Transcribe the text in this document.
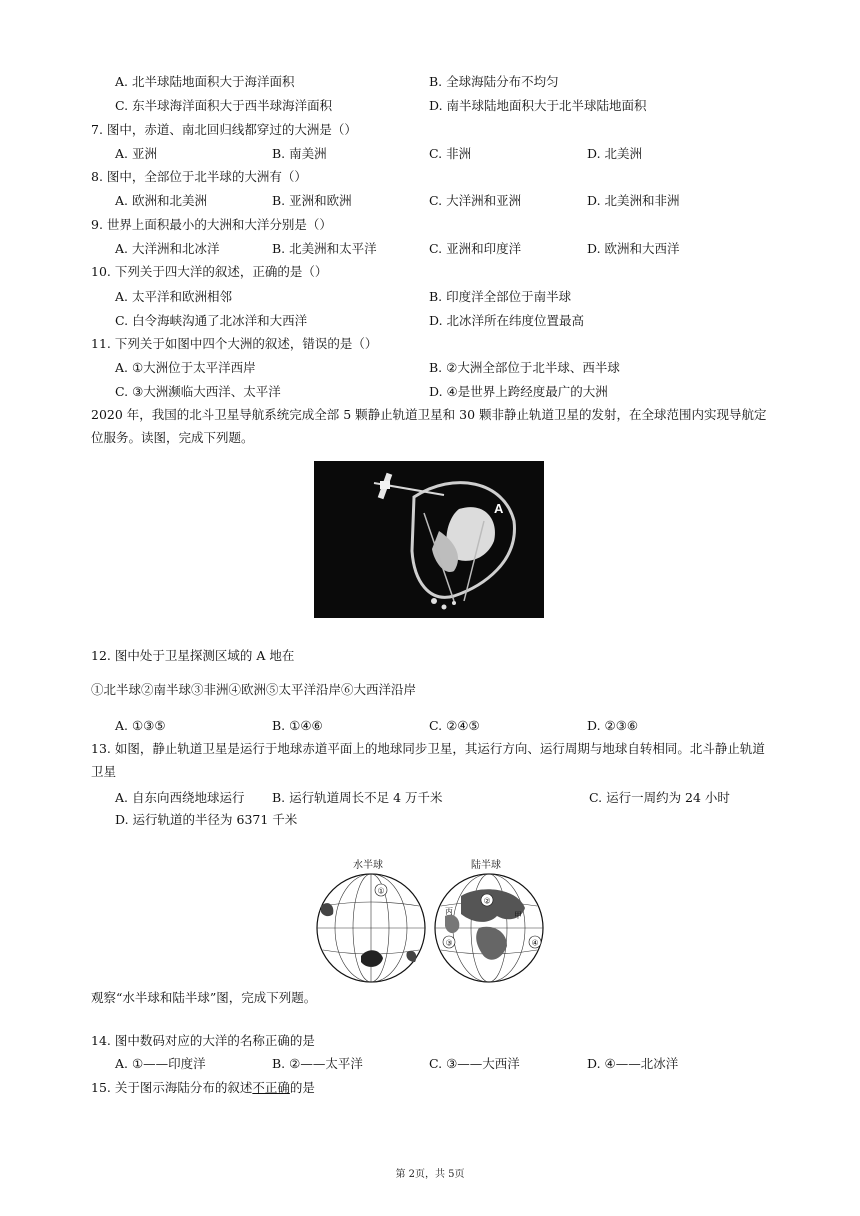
A. 北半球陆地面积大于海洋面积	B. 全球海陆分布不均匀
C. 东半球海洋面积大于西半球海洋面积	D. 南半球陆地面积大于北半球陆地面积
7. 图中，赤道、南北回归线都穿过的大洲是（）
A. 亚洲	B. 南美洲	C. 非洲	D. 北美洲
8. 图中，全部位于北半球的大洲有（）
A. 欧洲和北美洲	B. 亚洲和欧洲	C. 大洋洲和亚洲	D. 北美洲和非洲
9. 世界上面积最小的大洲和大洋分别是（）
A. 大洋洲和北冰洋	B. 北美洲和太平洋	C. 亚洲和印度洋	D. 欧洲和大西洋
10. 下列关于四大洋的叙述，正确的是（）
A. 太平洋和欧洲相邻	B. 印度洋全部位于南半球
C. 白令海峡沟通了北冰洋和大西洋	D. 北冰洋所在纬度位置最高
11. 下列关于如图中四个大洲的叙述，错误的是（）
A. ①大洲位于太平洋西岸	B. ②大洲全部位于北半球、西半球
C. ③大洲濒临大西洋、太平洋	D. ④是世界上跨经度最广的大洲
2020 年，我国的北斗卫星导航系统完成全部 5 颗静止轨道卫星和 30 颗非静止轨道卫星的发射，在全球范围内实现导航定位服务。读图，完成下列题。
A
12. 图中处于卫星探测区域的 A 地在
①北半球②南半球③非洲④欧洲⑤太平洋沿岸⑥大西洋沿岸
A. ①③⑤	B. ①④⑥	C. ②④⑤	D. ②③⑥
13. 如图，静止轨道卫星是运行于地球赤道平面上的地球同步卫星，其运行方向、运行周期与地球自转相同。北斗静止轨道卫星
A. 自东向西绕地球运行 B. 运行轨道周长不足 4 万千米	C. 运行一周约为 24 小时
D. 运行轨道的半径为 6371 千米
水半球	陆半球
①
丙	甲
乙
②
③	④
观察“水半球和陆半球”图，完成下列题。
14. 图中数码对应的大洋的名称正确的是
A. ①——印度洋	B. ②——太平洋	C. ③——大西洋	D. ④——北冰洋
15. 关于图示海陆分布的叙述不正确的是
第 2页，共 5页
